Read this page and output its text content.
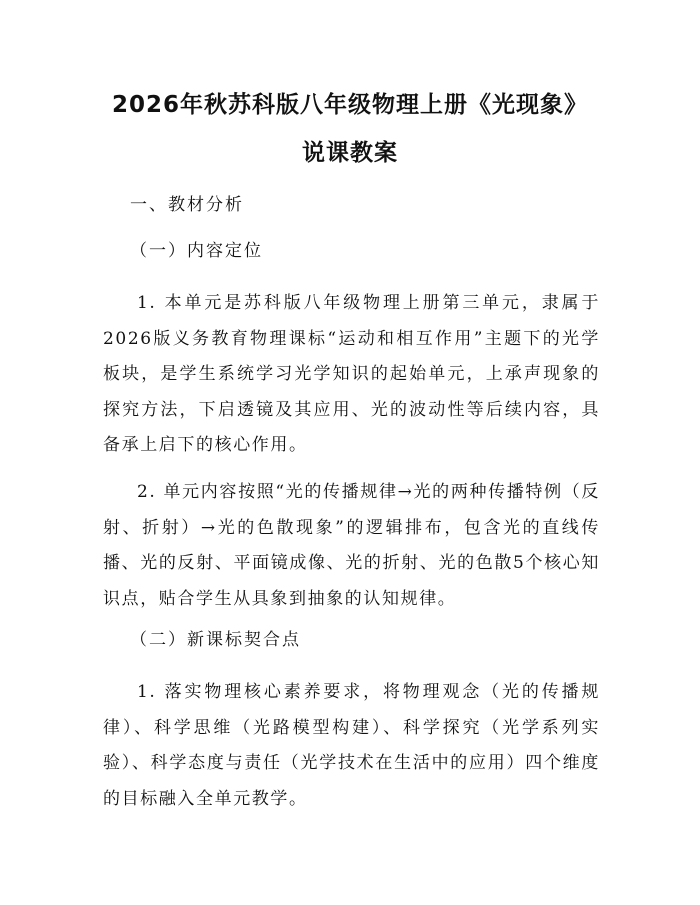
2026年秋苏科版八年级物理上册《光现象》
说课教案

一、教材分析

（一）内容定位

1. 本单元是苏科版八年级物理上册第三单元，隶属于2026版义务教育物理课标“运动和相互作用”主题下的光学板块，是学生系统学习光学知识的起始单元，上承声现象的探究方法，下启透镜及其应用、光的波动性等后续内容，具备承上启下的核心作用。

2. 单元内容按照“光的传播规律→光的两种传播特例（反射、折射）→光的色散现象”的逻辑排布，包含光的直线传播、光的反射、平面镜成像、光的折射、光的色散5个核心知识点，贴合学生从具象到抽象的认知规律。

（二）新课标契合点

1. 落实物理核心素养要求，将物理观念（光的传播规律）、科学思维（光路模型构建）、科学探究（光学系列实验）、科学态度与责任（光学技术在生活中的应用）四个维度的目标融入全单元教学。
